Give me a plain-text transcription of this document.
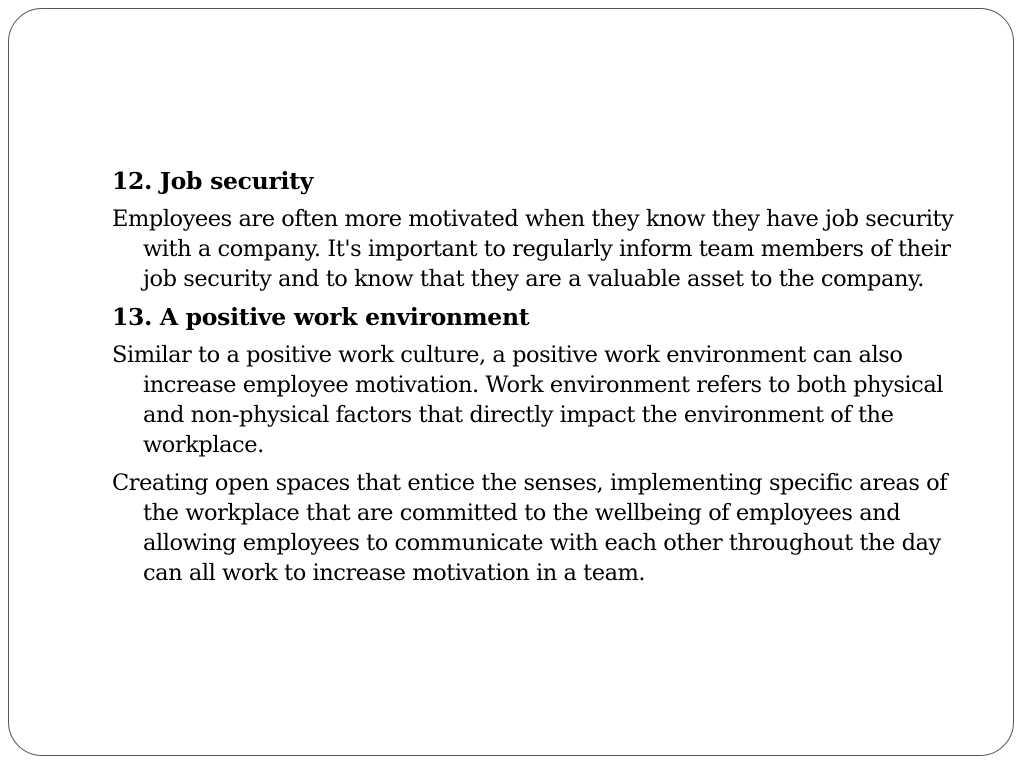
12. Job security

Employees are often more motivated when they know they have job security with a company. It's important to regularly inform team members of their job security and to know that they are a valuable asset to the company.

13. A positive work environment

Similar to a positive work culture, a positive work environment can also increase employee motivation. Work environment refers to both physical and non-physical factors that directly impact the environment of the workplace.

Creating open spaces that entice the senses, implementing specific areas of the workplace that are committed to the wellbeing of employees and allowing employees to communicate with each other throughout the day can all work to increase motivation in a team.
